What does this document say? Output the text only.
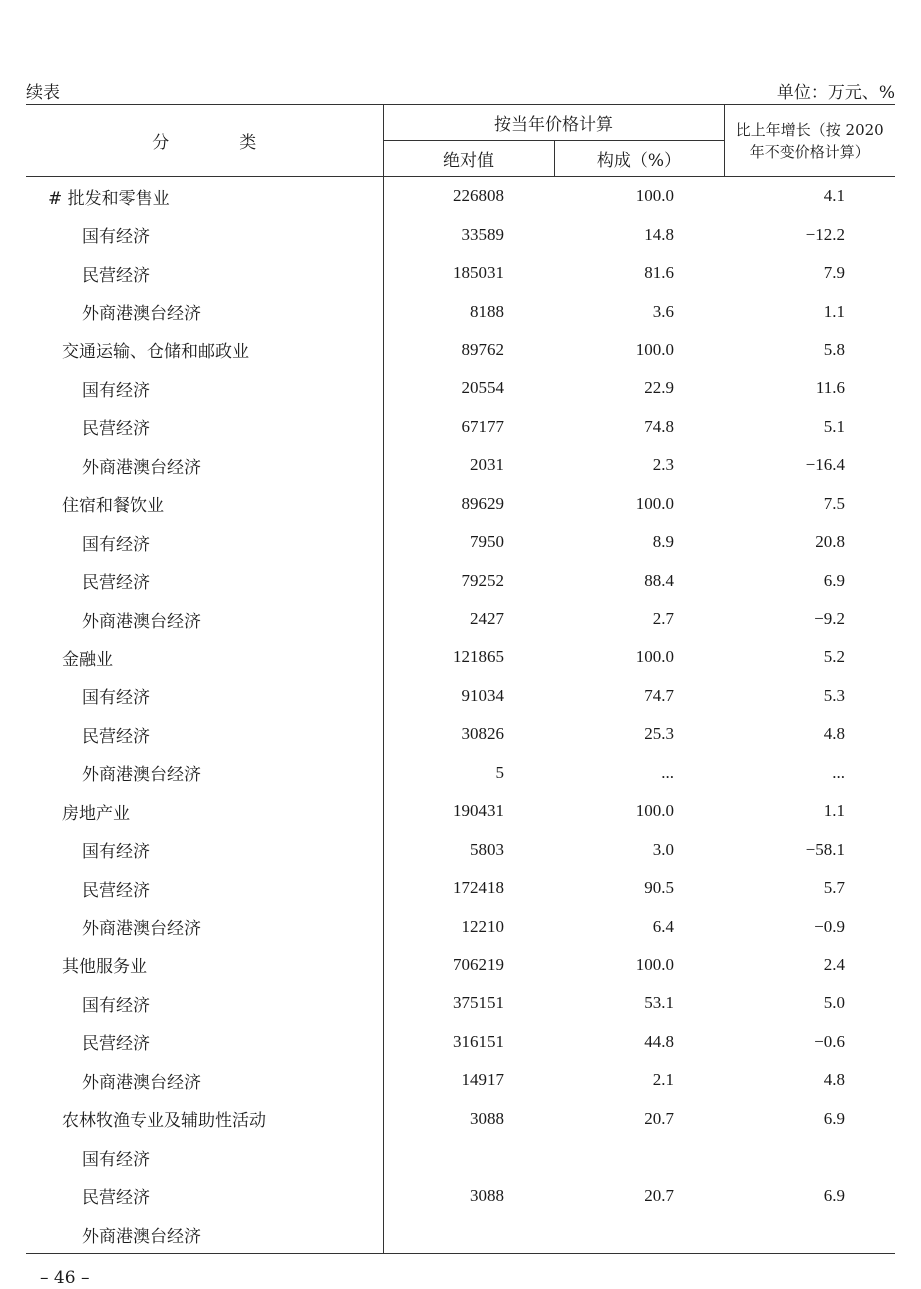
续表	单位：万元、%
分 类	按当年价格计算		比上年增长（按 2020
年不变价格计算）

	绝对值	构成（%）	
# 批发和零售业	226808	100.0	4.1
国有经济	33589	14.8	−12.2
民营经济	185031	81.6	7.9
外商港澳台经济	8188	3.6	1.1
交通运输、仓储和邮政业	89762	100.0	5.8
国有经济	20554	22.9	11.6
民营经济	67177	74.8	5.1
外商港澳台经济	2031	2.3	−16.4
住宿和餐饮业	89629	100.0	7.5
国有经济	7950	8.9	20.8
民营经济	79252	88.4	6.9
外商港澳台经济	2427	2.7	−9.2
金融业	121865	100.0	5.2
国有经济	91034	74.7	5.3
民营经济	30826	25.3	4.8
外商港澳台经济	5	...	...
房地产业	190431	100.0	1.1
国有经济	5803	3.0	−58.1
民营经济	172418	90.5	5.7
外商港澳台经济	12210	6.4	−0.9
其他服务业	706219	100.0	2.4
国有经济	375151	53.1	5.0
民营经济	316151	44.8	−0.6
外商港澳台经济	14917	2.1	4.8
农林牧渔专业及辅助性活动	3088	20.7	6.9
国有经济			
民营经济	3088	20.7	6.9
外商港澳台经济			
– 46 –
